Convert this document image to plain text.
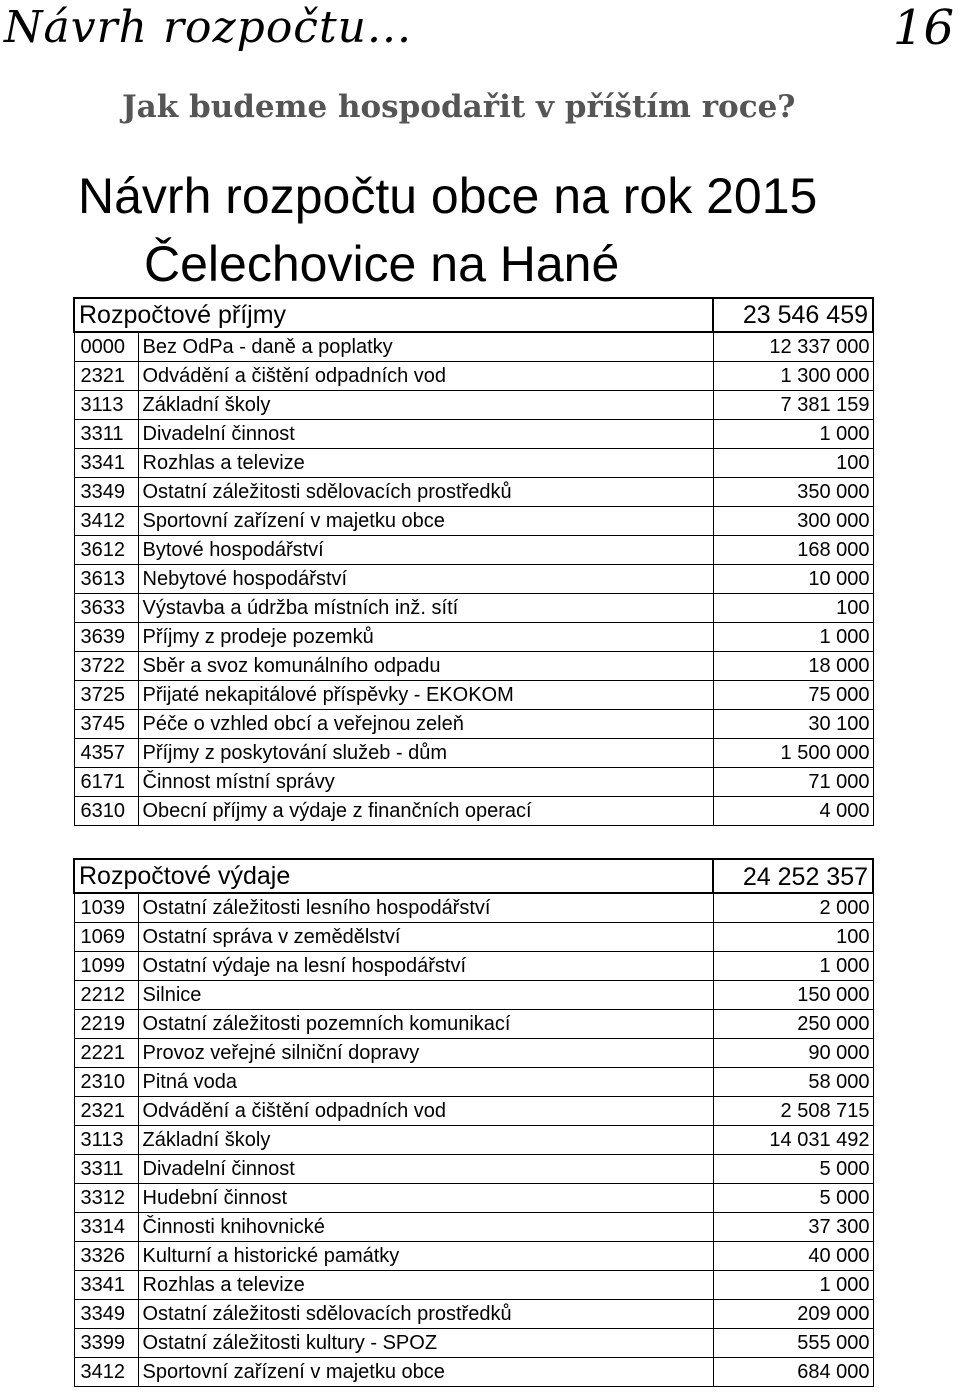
Návrh rozpočtu...	16
Jak budeme hospodařit v příštím roce?
Návrh rozpočtu obce na rok 2015
Čelechovice na Hané
Rozpočtové příjmy		23 546 459
0000	Bez OdPa - daně a poplatky	12 337 000
2321	Odvádění a čištění odpadních vod	1 300 000
3113	Základní školy	7 381 159
3311	Divadelní činnost	1 000
3341	Rozhlas a televize	100
3349	Ostatní záležitosti sdělovacích prostředků	350 000
3412	Sportovní zařízení v majetku obce	300 000
3612	Bytové hospodářství	168 000
3613	Nebytové hospodářství	10 000
3633	Výstavba a údržba místních inž. sítí	100
3639	Příjmy z prodeje pozemků	1 000
3722	Sběr a svoz komunálního odpadu	18 000
3725	Přijaté nekapitálové příspěvky - EKOKOM	75 000
3745	Péče o vzhled obcí a veřejnou zeleň	30 100
4357	Příjmy z poskytování služeb - dům	1 500 000
6171	Činnost místní správy	71 000
6310	Obecní příjmy a výdaje z finančních operací	4 000
Rozpočtové výdaje		24 252 357
1039	Ostatní záležitosti lesního hospodářství	2 000
1069	Ostatní správa v zemědělství	100
1099	Ostatní výdaje na lesní hospodářství	1 000
2212	Silnice	150 000
2219	Ostatní záležitosti pozemních komunikací	250 000
2221	Provoz veřejné silniční dopravy	90 000
2310	Pitná voda	58 000
2321	Odvádění a čištění odpadních vod	2 508 715
3113	Základní školy	14 031 492
3311	Divadelní činnost	5 000
3312	Hudební činnost	5 000
3314	Činnosti knihovnické	37 300
3326	Kulturní a historické památky	40 000
3341	Rozhlas a televize	1 000
3349	Ostatní záležitosti sdělovacích prostředků	209 000
3399	Ostatní záležitosti kultury - SPOZ	555 000
3412	Sportovní zařízení v majetku obce	684 000
